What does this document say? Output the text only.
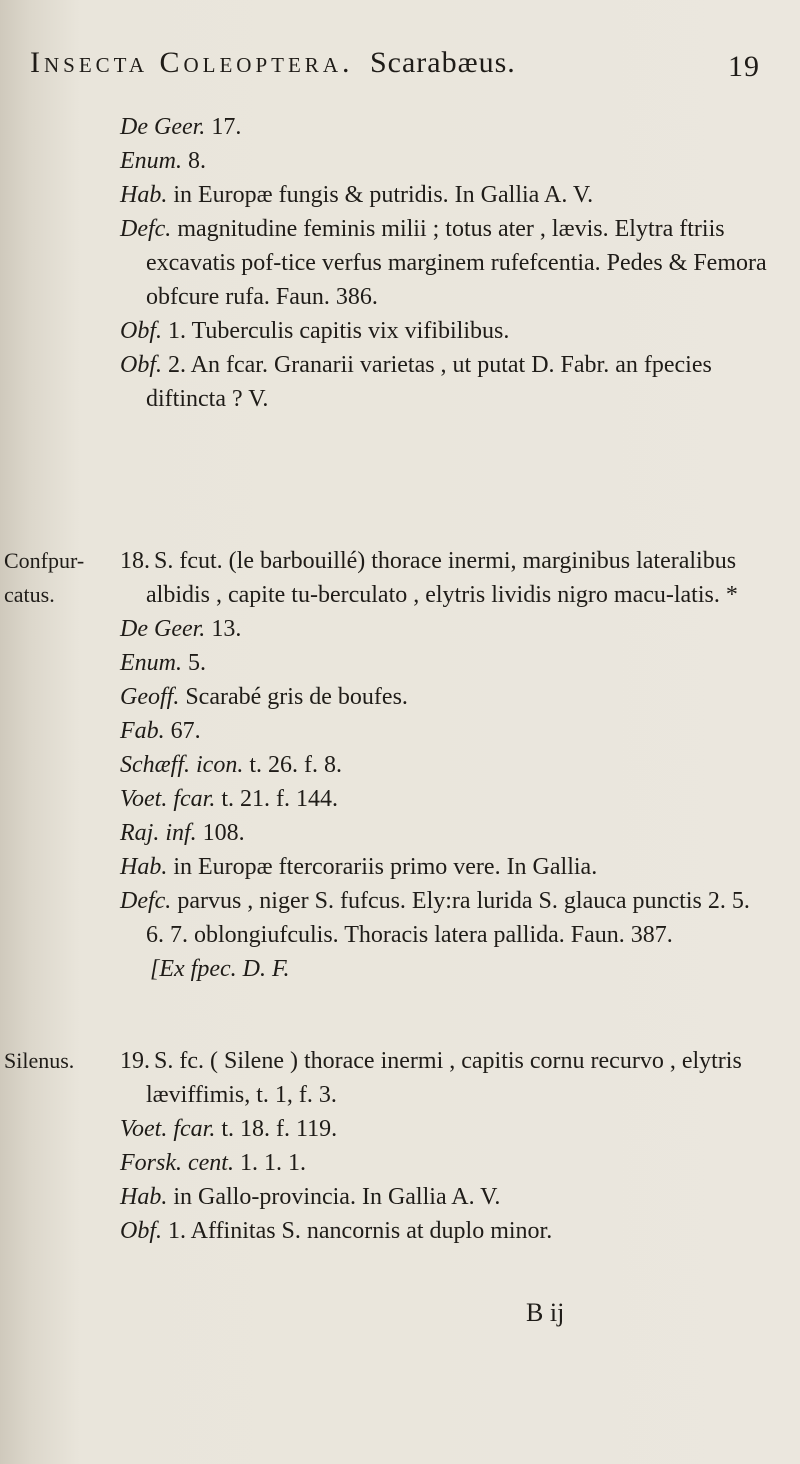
Insecta Coleoptera. Scarabæus.	19

De Geer. 17.

Enum. 8.

Hab. in Europæ fungis & putridis. In Gallia A. V.

Defc. magnitudine feminis milii ; totus ater , lævis. Elytra ftriis excavatis pof-tice verfus marginem rufefcentia. Pedes & Femora obfcure rufa. Faun. 386.

Obf. 1. Tuberculis capitis vix vifibilibus.

Obf. 2. An fcar. Granarii varietas , ut putat D. Fabr. an fpecies diftincta ? V.

Confpur-
catus.

18. S. fcut. (le barbouillé) thorace inermi, marginibus lateralibus albidis , capite tu-berculato , elytris lividis nigro macu-latis. *

De Geer. 13.

Enum. 5.

Geoff. Scarabé gris de boufes.

Fab. 67.

Schæff. icon. t. 26. f. 8.

Voet. fcar. t. 21. f. 144.

Raj. inf. 108.

Hab. in Europæ ftercorariis primo vere. In Gallia.

Defc. parvus , niger S. fufcus. Ely:ra lurida S. glauca punctis 2. 5. 6. 7. oblongiufculis. Thoracis latera pallida. Faun. 387.

[Ex fpec. D. F.

Silenus.	19. S. fc. ( Silene ) thorace inermi , capitis cornu recurvo , elytris læviffimis, t. 1, f. 3.

Voet. fcar. t. 18. f. 119.

Forsk. cent. 1. 1. 1.

Hab. in Gallo-provincia. In Gallia A. V.

Obf. 1. Affinitas S. nancornis at duplo minor.

B ij
